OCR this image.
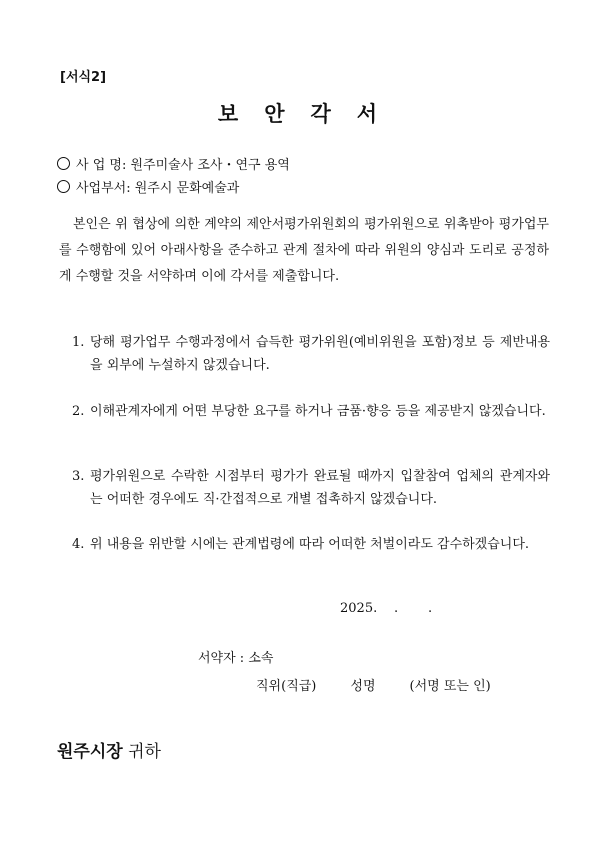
[서식2]
보안각서
사 업 명: 원주미술사 조사・연구 용역
사업부서: 원주시 문화예술과
본인은 위 협상에 의한 계약의 제안서평가위원회의 평가위원으로 위촉받아 평가업무를 수행함에 있어 아래사항을 준수하고 관계 절차에 따라 위원의 양심과 도리로 공정하게 수행할 것을 서약하며 이에 각서를 제출합니다.
1. 당해 평가업무 수행과정에서 습득한 평가위원(예비위원을 포함)정보 등 제반내용을 외부에 누설하지 않겠습니다.
2. 이해관계자에게 어떤 부당한 요구를 하거나 금품·향응 등을 제공받지 않겠습니다.
3. 평가위원으로 수락한 시점부터 평가가 완료될 때까지 입찰참여 업체의 관계자와는 어떠한 경우에도 직·간접적으로 개별 접촉하지 않겠습니다.
4. 위 내용을 위반할 시에는 관계법령에 따라 어떠한 처벌이라도 감수하겠습니다.
2025. . .
서약자 : 소속
직위(직급)	성명	(서명 또는 인)
원주시장 귀하
